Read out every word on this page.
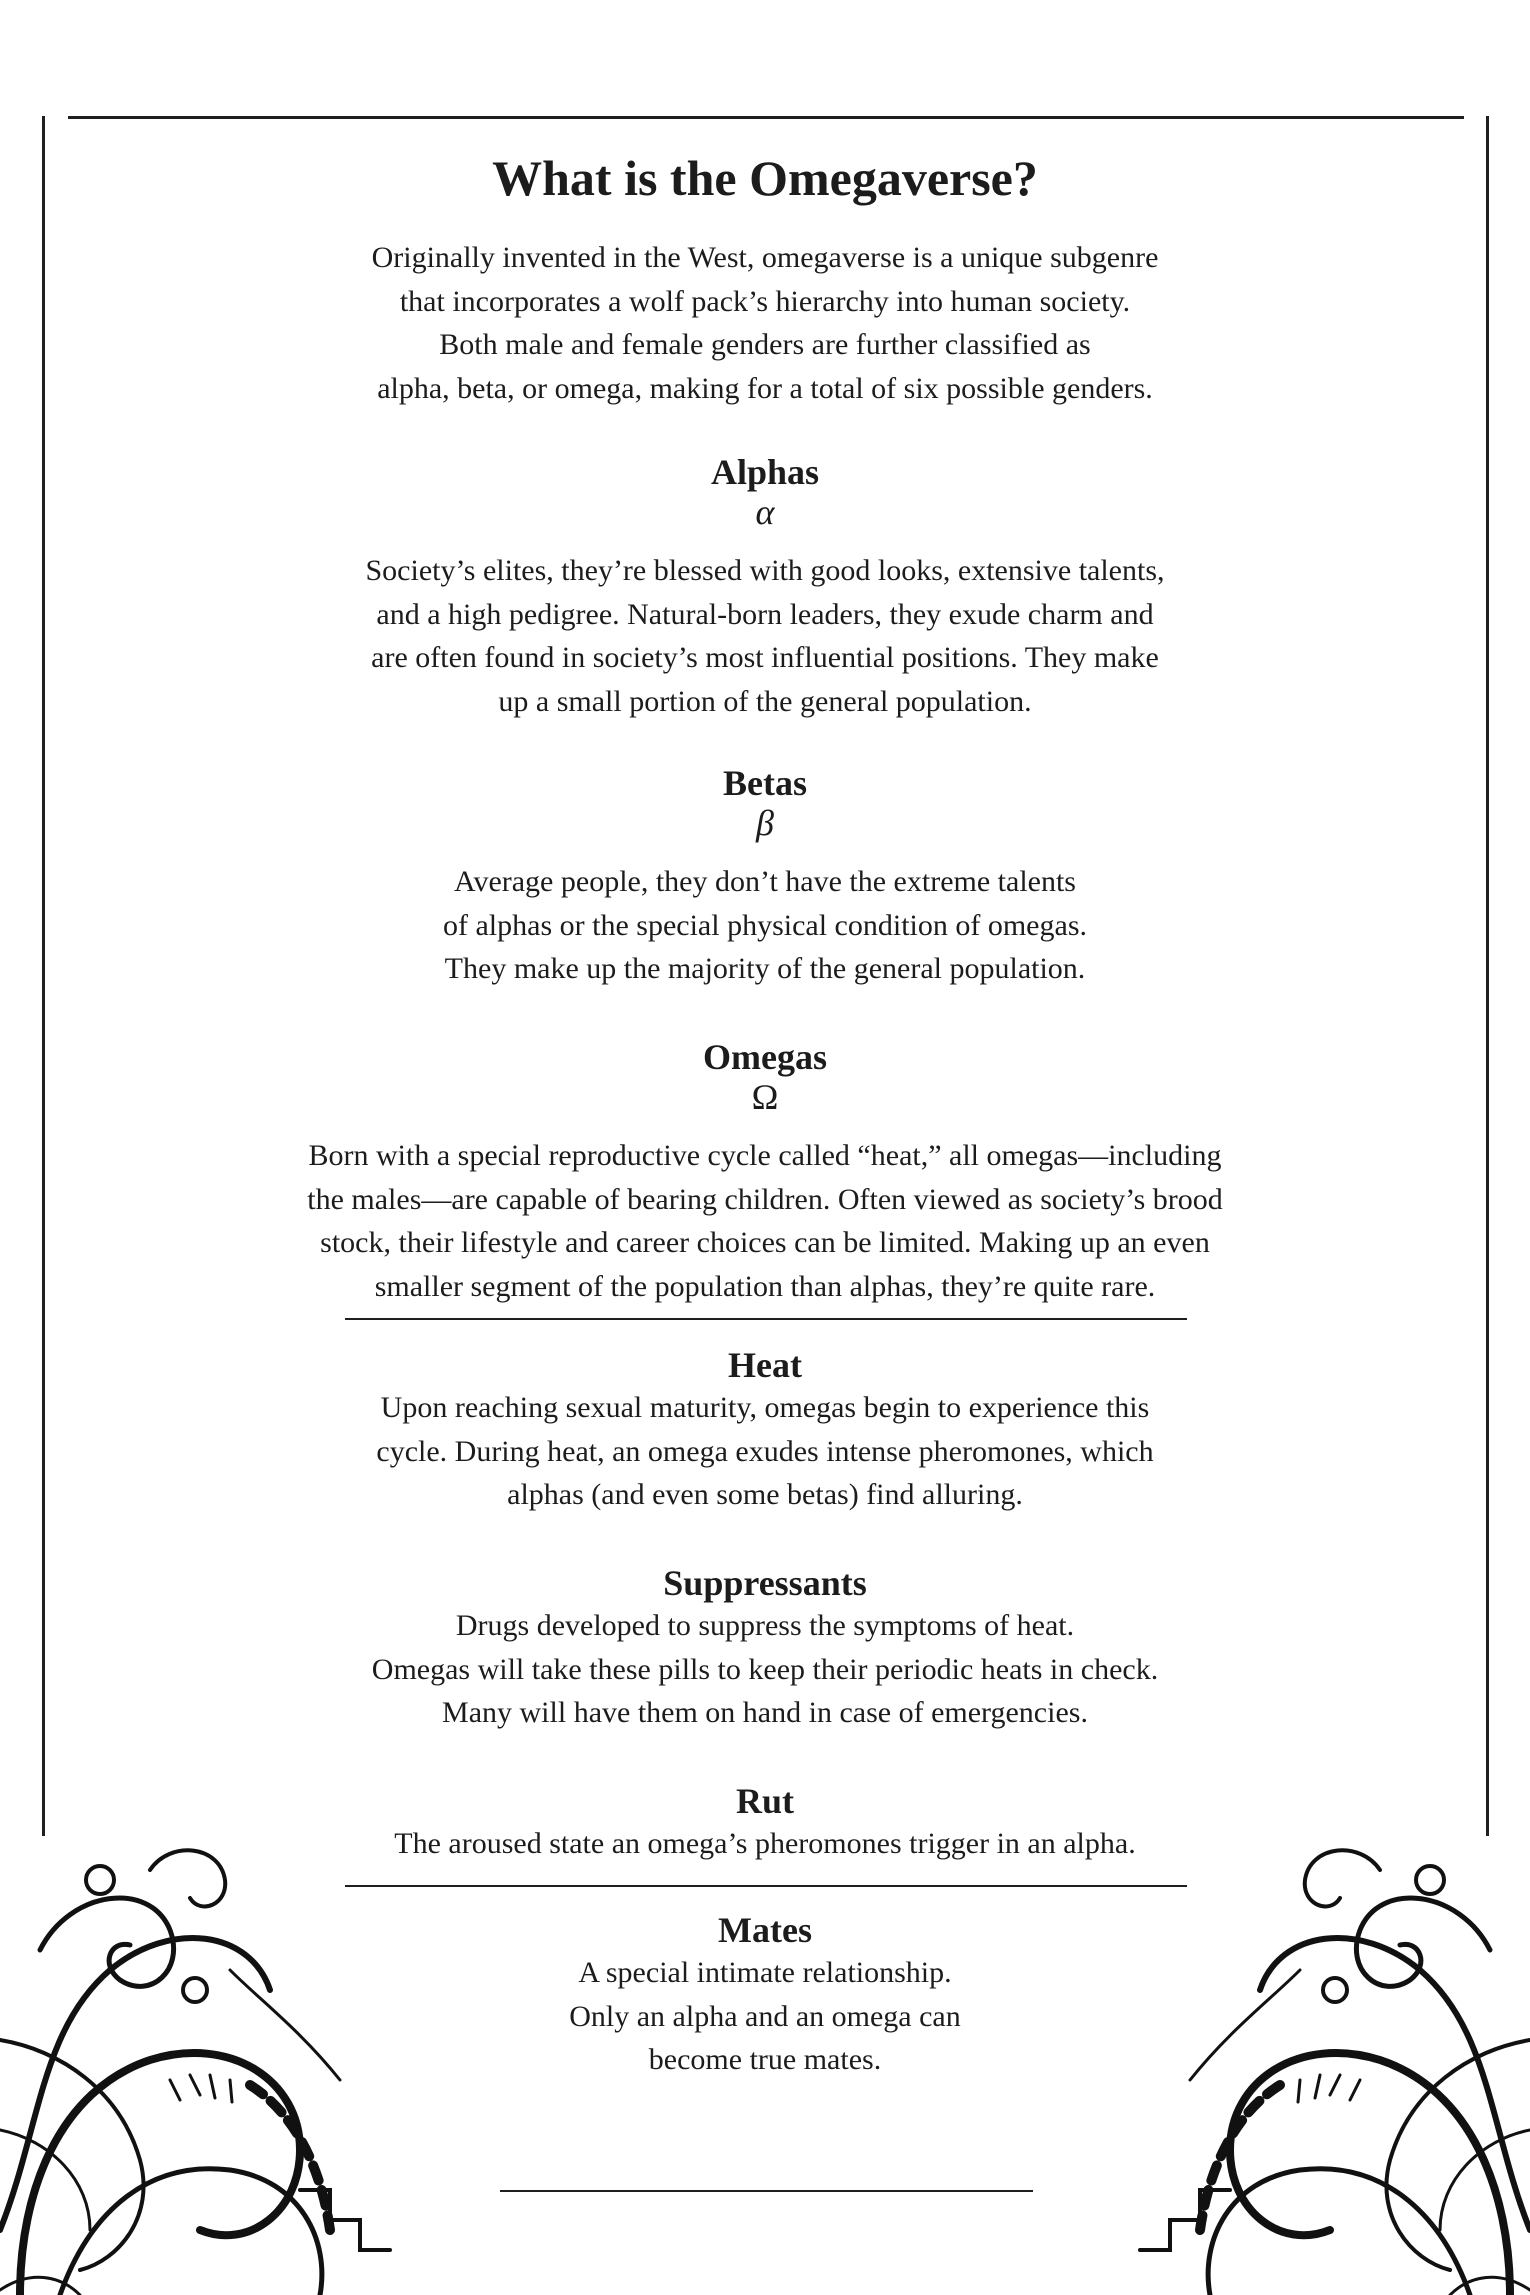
What is the Omegaverse?

Originally invented in the West, omegaverse is a unique subgenre

that incorporates a wolf pack’s hierarchy into human society.

Both male and female genders are further classified as

alpha, beta, or omega, making for a total of six possible genders.

Alphas
α

Society’s elites, they’re blessed with good looks, extensive talents,

and a high pedigree. Natural-born leaders, they exude charm and

are often found in society’s most influential positions. They make

up a small portion of the general population.

Betas
β

Average people, they don’t have the extreme talents

of alphas or the special physical condition of omegas.

They make up the majority of the general population.

Omegas
Ω

Born with a special reproductive cycle called “heat,” all omegas—including

the males—are capable of bearing children. Often viewed as society’s brood

stock, their lifestyle and career choices can be limited. Making up an even

smaller segment of the population than alphas, they’re quite rare.

Heat

Upon reaching sexual maturity, omegas begin to experience this

cycle. During heat, an omega exudes intense pheromones, which

alphas (and even some betas) find alluring.

Suppressants

Drugs developed to suppress the symptoms of heat.

Omegas will take these pills to keep their periodic heats in check.

Many will have them on hand in case of emergencies.

Rut

The aroused state an omega’s pheromones trigger in an alpha.

Mates

A special intimate relationship.

Only an alpha and an omega can

become true mates.
